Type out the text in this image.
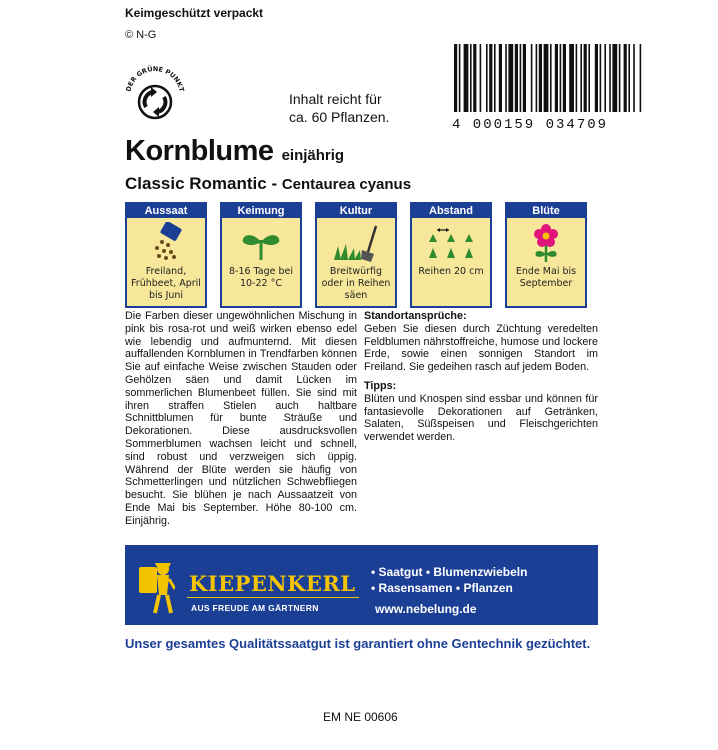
Keimgeschützt verpackt
© N-G
DER GRÜNE PUNKT
4 000159 034709
Inhalt reicht für
ca. 60 Pflanzen.
Kornblume einjährig
Classic Romantic - Centaurea cyanus
Aussaat
Freiland, Frühbeet, April bis Juni
Keimung
8-16 Tage bei 10-22 °C
Kultur
Breitwürfig oder in Reihen säen
Abstand
Reihen 20 cm
Blüte
Ende Mai bis September
Die Farben dieser ungewöhnlichen Mischung in pink bis rosa-rot und weiß wirken ebenso edel wie lebendig und aufmunternd. Mit diesen auffallenden Kornblumen in Trendfarben können Sie auf einfache Weise zwischen Stauden oder Gehölzen säen und damit Lücken im sommerlichen Blumenbeet füllen. Sie sind mit ihren straffen Stielen auch haltbare Schnittblumen für bunte Sträuße und Dekorationen. Diese ausdrucksvollen Sommerblumen wachsen leicht und schnell, sind robust und verzweigen sich üppig. Während der Blüte werden sie häufig von Schmetterlingen und nützlichen Schwebfliegen besucht. Sie blühen je nach Aussaatzeit von Ende Mai bis September. Höhe 80-100 cm. Einjährig.
Standortansprüche:
Geben Sie diesen durch Züchtung veredelten Feldblumen nährstoffreiche, humose und lockere Erde, sowie einen sonnigen Standort im Freiland. Sie gedeihen rasch auf jedem Boden.
Tipps:
Blüten und Knospen sind essbar und können für fantasievolle Dekorationen auf Getränken, Salaten, Süßspeisen und Fleischgerichten verwendet werden.
KIEPENKERL
AUS FREUDE AM GÄRTNERN
• Saatgut • Blumenzwiebeln
• Rasensamen • Pflanzen
www.nebelung.de
Unser gesamtes Qualitätssaatgut ist garantiert ohne Gentechnik gezüchtet.
EM NE 00606
